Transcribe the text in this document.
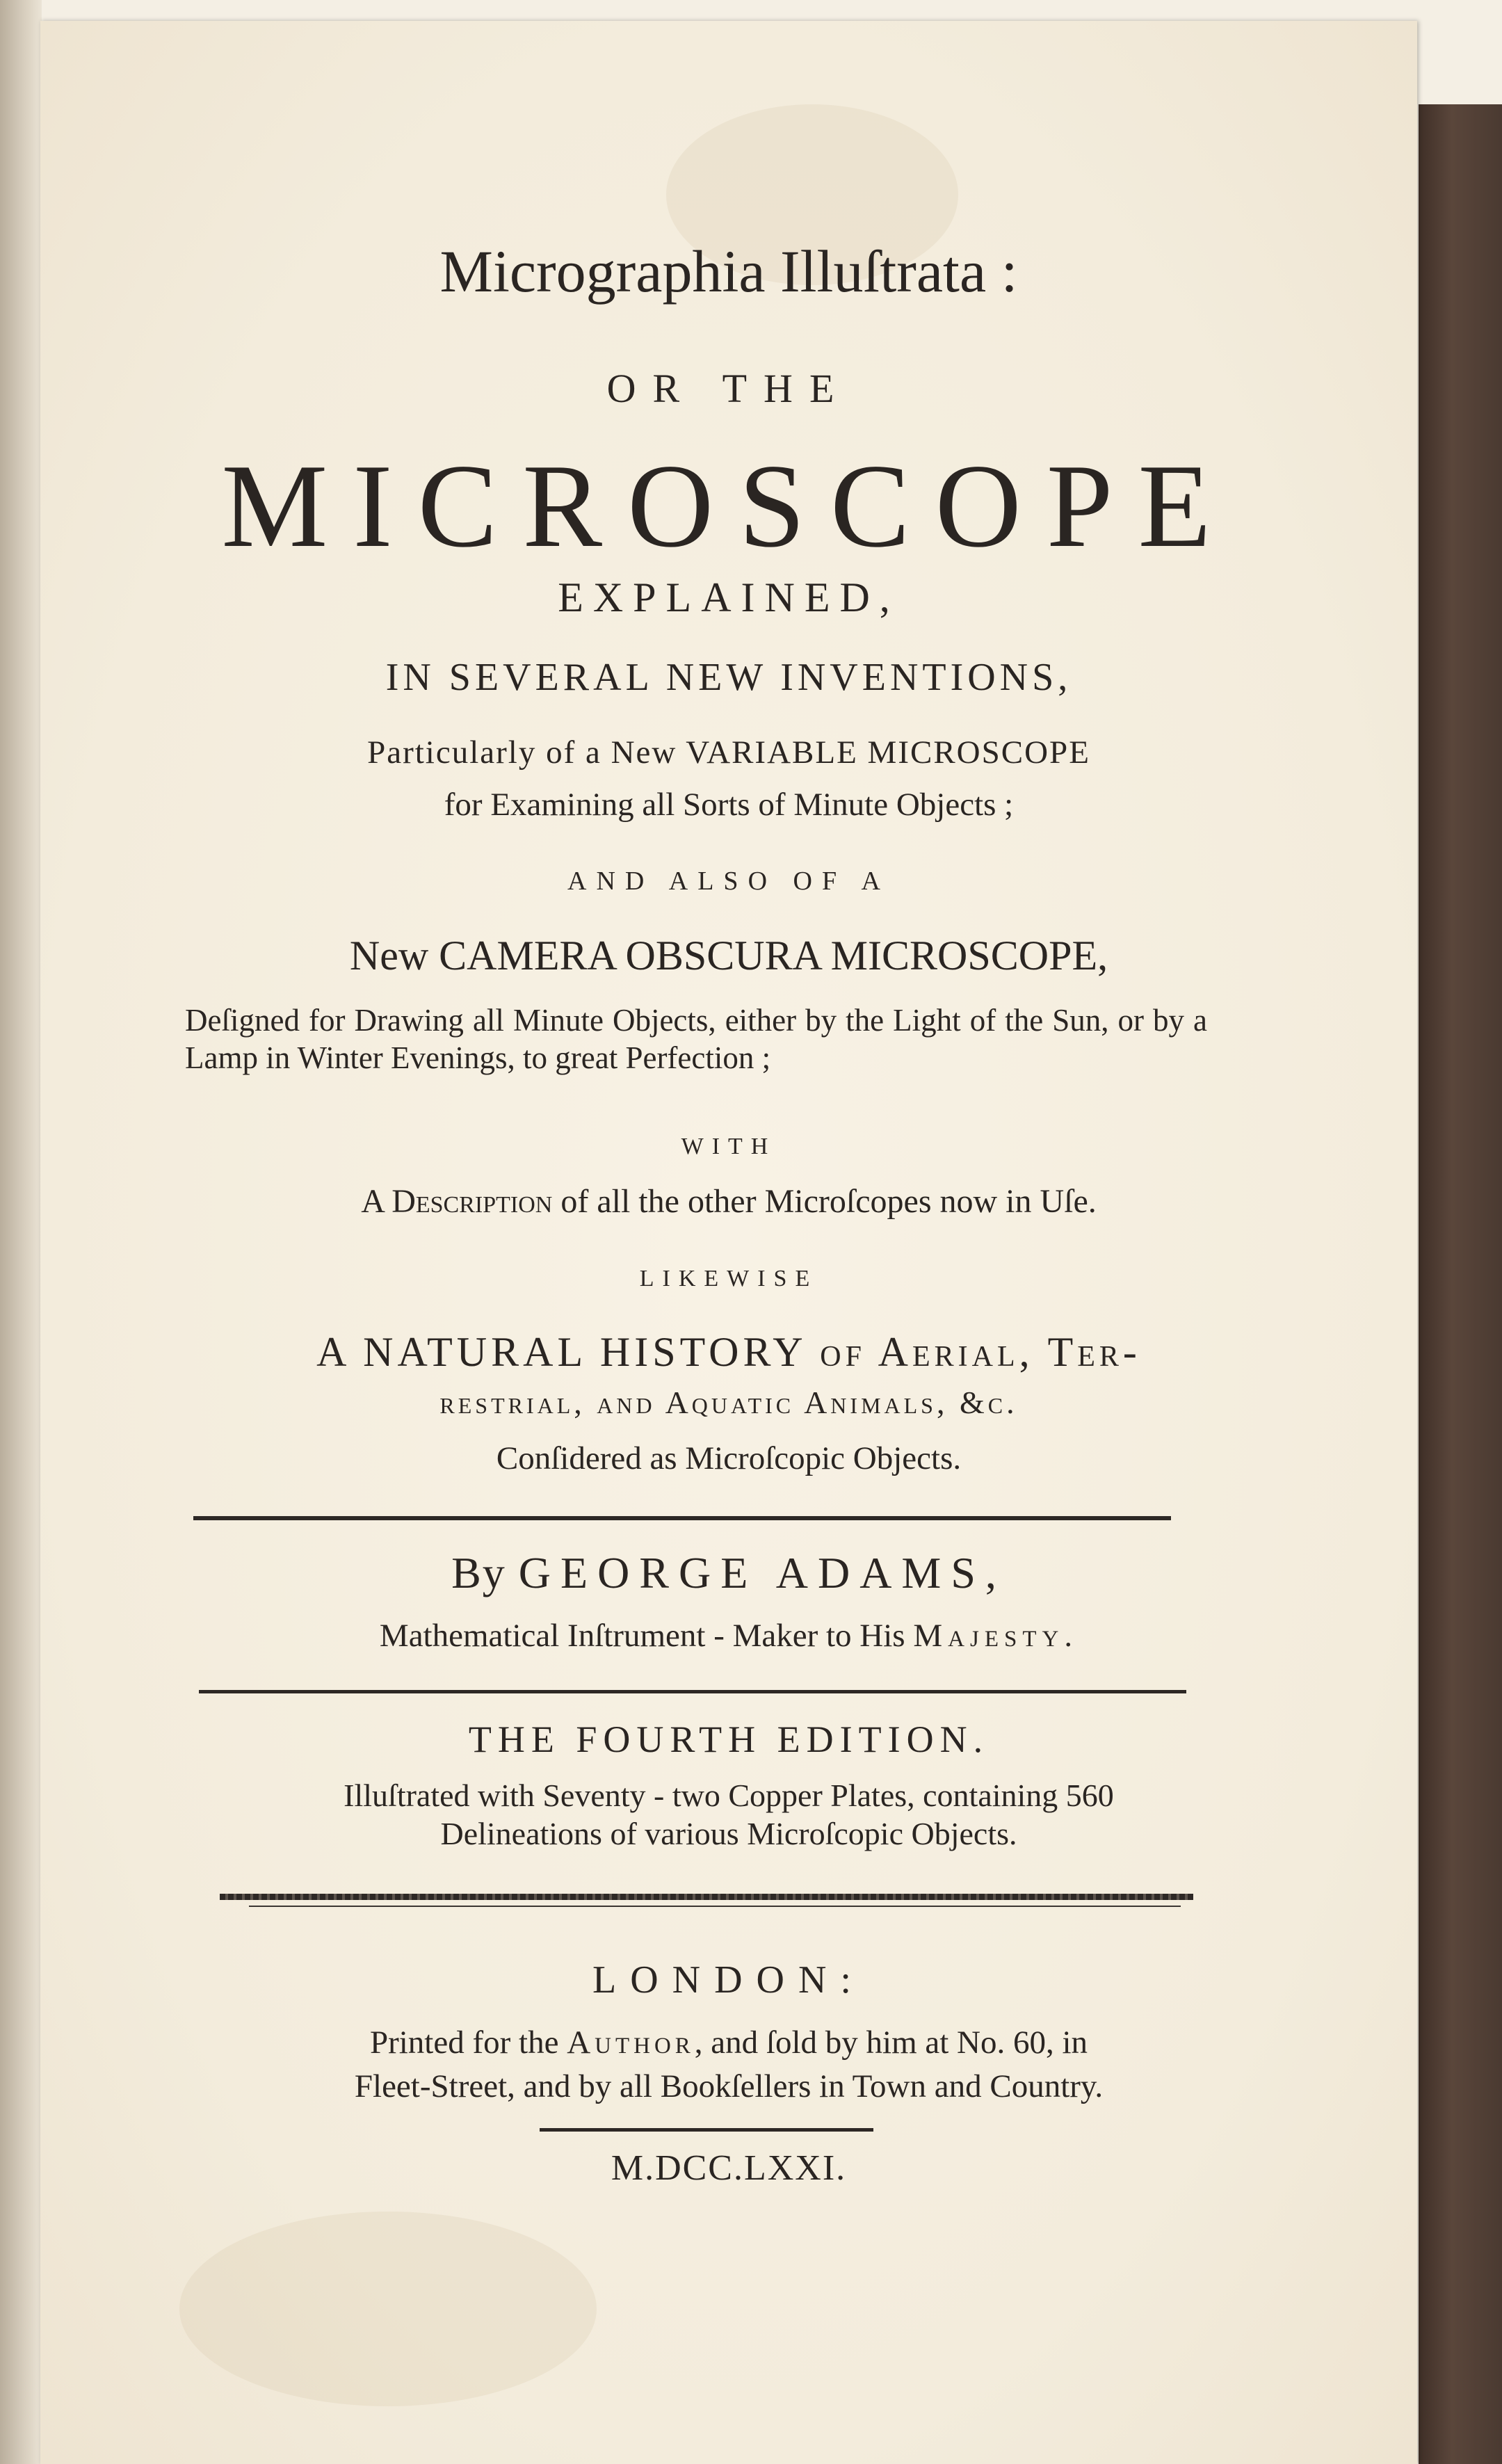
Micrographia Illuſtrata :
OR THE
MICROSCOPE
EXPLAINED,
IN SEVERAL NEW INVENTIONS,
Particularly of a New VARIABLE MICROSCOPE
for Examining all Sorts of Minute Objects ;
AND ALSO OF A
New CAMERA OBSCURA MICROSCOPE,
Deſigned for Drawing all Minute Objects, either by the Light of the Sun, or by a Lamp in Winter Evenings, to great Perfection ;
WITH
A Description of all the other Microſcopes now in Uſe.
LIKEWISE
A NATURAL HISTORY of Aerial, Ter-
restrial, and Aquatic Animals, &c.
Conſidered as Microſcopic Objects.
By GEORGE ADAMS,
Mathematical Inſtrument - Maker to His Majesty.
THE FOURTH EDITION.
Illuſtrated with Seventy - two Copper Plates, containing 560
Delineations of various Microſcopic Objects.
LONDON:
Printed for the Author, and ſold by him at No. 60, in
Fleet-Street, and by all Bookſellers in Town and Country.
M.DCC.LXXI.
